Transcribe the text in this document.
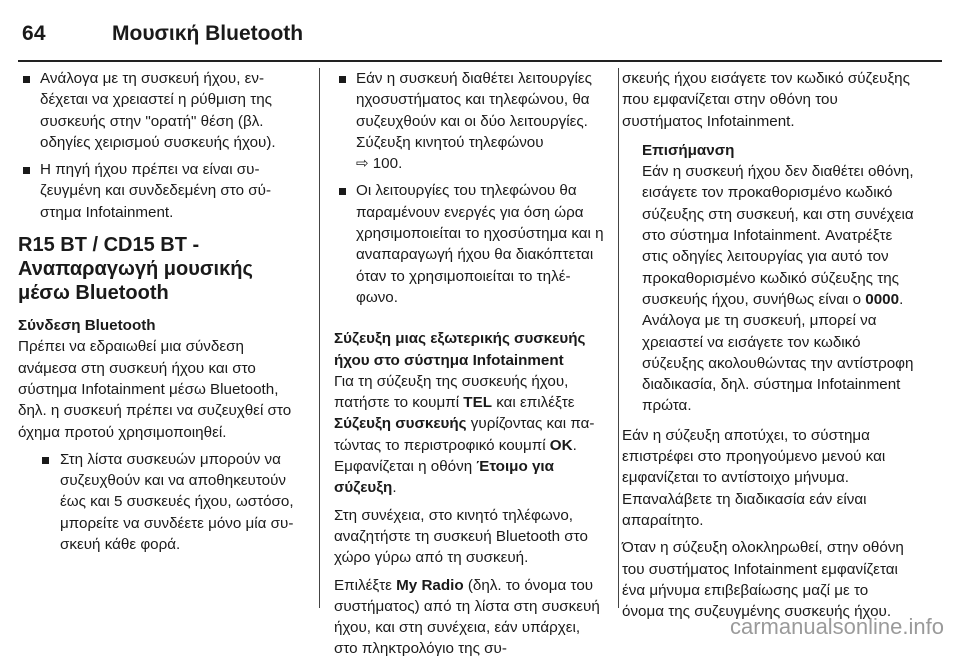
64	Μουσική Bluetooth
Ανάλογα με τη συσκευή ήχου, ενδέχεται να χρειαστεί η ρύθμιση της συσκευής στην "ορατή" θέση (βλ. οδηγίες χειρισμού συσκευής ήχου).
Η πηγή ήχου πρέπει να είναι συζευγμένη και συνδεδεμένη στο σύστημα Infotainment.
R15 BT / CD15 BT - Αναπαραγωγή μουσικής μέσω Bluetooth
Σύνδεση Bluetooth

Πρέπει να εδραιωθεί μια σύνδεση ανάμεσα στη συσκευή ήχου και στο σύστημα Infotainment μέσω Bluetooth, δηλ. η συσκευή πρέπει να συζευχθεί στο όχημα προτού χρησιμοποιηθεί.

Στη λίστα συσκευών μπορούν να συζευχθούν και να αποθηκευτούν έως και 5 συσκευές ήχου, ωστόσο, μπορείτε να συνδέετε μόνο μία συσκευή κάθε φορά.
Εάν η συσκευή διαθέτει λειτουργίες ηχοσυστήματος και τηλεφώνου, θα συζευχθούν και οι δύο λειτουργίες. Σύζευξη κινητού τηλεφώνου
⇨ 100.
Οι λειτουργίες του τηλεφώνου θα παραμένουν ενεργές για όση ώρα χρησιμοποιείται το ηχοσύστημα και η αναπαραγωγή ήχου θα διακόπτεται όταν το χρησιμοποιείται το τηλέφωνο.
Σύζευξη μιας εξωτερικής συσκευής ήχου στο σύστημα Infotainment

Για τη σύζευξη της συσκευής ήχου, πατήστε το κουμπί TEL και επιλέξτε Σύζευξη συσκευής γυρίζοντας και πατώντας το περιστροφικό κουμπί OK. Εμφανίζεται η οθόνη Έτοιμο για σύζευξη.

Στη συνέχεια, στο κινητό τηλέφωνο, αναζητήστε τη συσκευή Bluetooth στο χώρο γύρω από τη συσκευή.

Επιλέξτε My Radio (δηλ. το όνομα του συστήματος) από τη λίστα στη συσκευή ήχου, και στη συνέχεια, εάν υπάρχει, στο πληκτρολόγιο της συ-

σκευής ήχου εισάγετε τον κωδικό σύζευξης που εμφανίζεται στην οθόνη του συστήματος Infotainment.

Επισήμανση
Εάν η συσκευή ήχου δεν διαθέτει οθόνη, εισάγετε τον προκαθορισμένο κωδικό σύζευξης στη συσκευή, και στη συνέχεια στο σύστημα Infotainment. Ανατρέξτε στις οδηγίες λειτουργίας για αυτό τον προκαθορισμένο κωδικό σύζευξης της συσκευής ήχου, συνήθως είναι ο 0000. Ανάλογα με τη συσκευή, μπορεί να χρειαστεί να εισάγετε τον κωδικό σύζευξης ακολουθώντας την αντίστροφη διαδικασία, δηλ. σύστημα Infotainment πρώτα.

Εάν η σύζευξη αποτύχει, το σύστημα επιστρέφει στο προηγούμενο μενού και εμφανίζεται το αντίστοιχο μήνυμα. Επαναλάβετε τη διαδικασία εάν είναι απαραίτητο.

Όταν η σύζευξη ολοκληρωθεί, στην οθόνη του συστήματος Infotainment εμφανίζεται ένα μήνυμα επιβεβαίωσης μαζί με το όνομα της συζευγμένης συσκευής ήχου.

carmanualsonline.info
